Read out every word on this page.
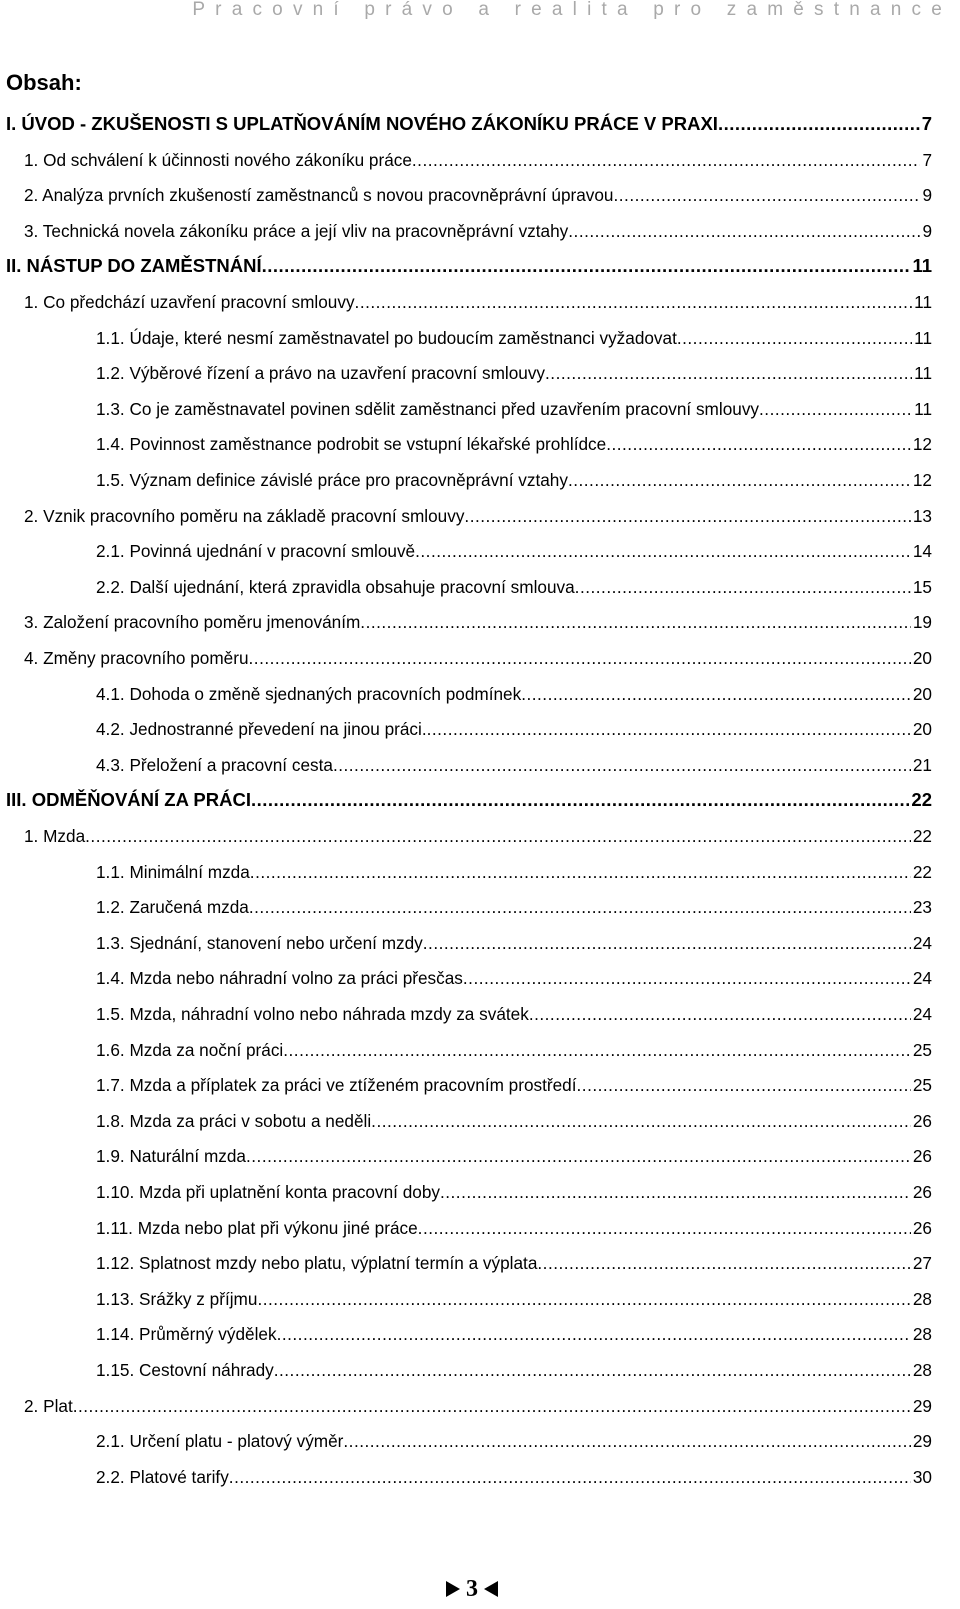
Pracovní právo a realita pro zaměstnance
Obsah:
I. ÚVOD - ZKUŠENOSTI S UPLATŇOVÁNÍM NOVÉHO ZÁKONÍKU PRÁCE V PRAXI .....	7
1. Od schválení k účinnosti nového zákoníku práce .....	7
2. Analýza prvních zkušeností zaměstnanců s novou pracovněprávní úpravou .....	9
3. Technická novela zákoníku práce a její vliv na pracovněprávní vztahy .....	9
II. NÁSTUP DO ZAMĚSTNÁNÍ .....	11
1. Co předchází uzavření pracovní smlouvy .....	11
1.1. Údaje, které nesmí zaměstnavatel po budoucím zaměstnanci vyžadovat .....	11
1.2. Výběrové řízení a právo na uzavření pracovní smlouvy .....	11
1.3. Co je zaměstnavatel povinen sdělit zaměstnanci před uzavřením pracovní smlouvy .....	11
1.4. Povinnost zaměstnance podrobit se vstupní lékařské prohlídce .....	12
1.5. Význam definice závislé práce pro pracovněprávní vztahy .....	12
2. Vznik pracovního poměru na základě pracovní smlouvy .....	13
2.1. Povinná ujednání v pracovní smlouvě .....	14
2.2. Další ujednání, která zpravidla obsahuje pracovní smlouva .....	15
3. Založení pracovního poměru jmenováním .....	19
4. Změny pracovního poměru .....	20
4.1. Dohoda o změně sjednaných pracovních podmínek .....	20
4.2. Jednostranné převedení na jinou práci. .....	20
4.3. Přeložení a pracovní cesta .....	21
III. ODMĚŇOVÁNÍ ZA PRÁCI .....	22
1. Mzda .....	22
1.1. Minimální mzda .....	22
1.2. Zaručená mzda .....	23
1.3. Sjednání, stanovení nebo určení mzdy .....	24
1.4. Mzda nebo náhradní volno za práci přesčas .....	24
1.5. Mzda, náhradní volno nebo náhrada mzdy za svátek .....	24
1.6. Mzda za noční práci .....	25
1.7. Mzda a příplatek za práci ve ztíženém pracovním prostředí .....	25
1.8. Mzda za práci v sobotu a neděli .....	26
1.9. Naturální mzda .....	26
1.10. Mzda při uplatnění konta pracovní doby .....	26
1.11. Mzda nebo plat při výkonu jiné práce .....	26
1.12. Splatnost mzdy nebo platu, výplatní termín a výplata .....	27
1.13. Srážky z příjmu .....	28
1.14. Průměrný výdělek .....	28
1.15. Cestovní náhrady .....	28
2. Plat .....	29
2.1. Určení platu - platový výměr .....	29
2.2. Platové tarify .....	30
3
